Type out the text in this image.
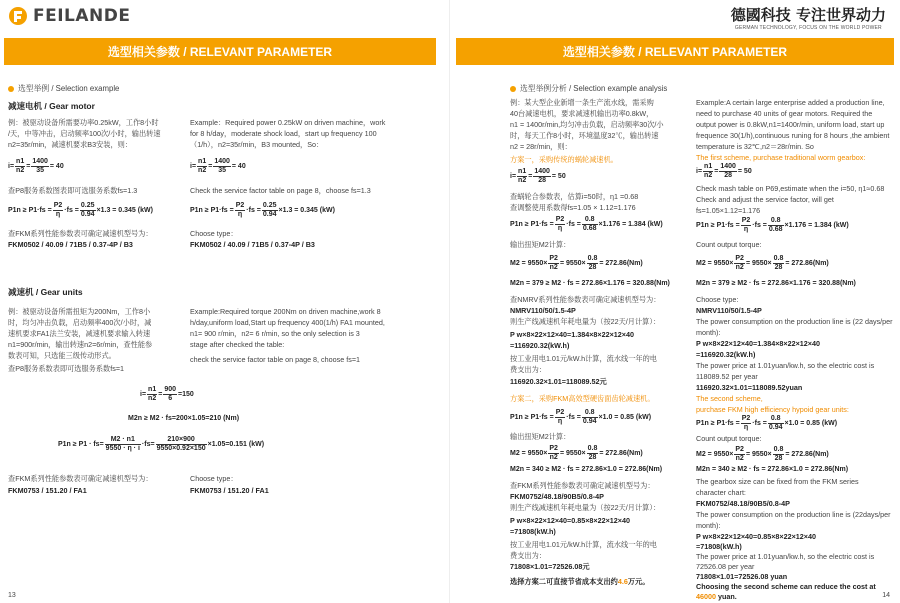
FEILANDE
选型相关参数 / RELEVANT PARAMETER
选型举例 / Selection example
减速电机 / Gear motor
例：被驱动设备所需要功率0.25kW，工作8小时
/天，中等冲击，启动频率100次/小时，输出转速
n2=35r/min，减速机要求B3安装，则：
Example：Required power 0.25kW on driven machine，work
for 8 h/day，moderate shock load，start up frequency 100
（1/h），n2=35r/min，B3 mounted，So：
$i= \frac{n1}{n2} = \frac{1400}{35} = 40$	$i= \frac{n1}{n2} = \frac{1400}{35} = 40$
查P8服务系数图表即可选服务系数fs=1.3	Check the service factor table on page 8，choose fs=1.3
$P1n \ge P1\cdot fs = \frac{P2}{\eta} \cdot fs = \frac{0.25}{0.94} \times 1.3 = 0.345$ (kW)	$P1n \ge P1\cdot fs = \frac{P2}{\eta} \cdot fs = \frac{0.25}{0.94} \times 1.3 = 0.345$ (kW)
查FKM系列性能参数表可确定减速机型号为：	Choose type：
FKM0502 / 40.09 / 71B5 / 0.37-4P / B3	FKM0502 / 40.09 / 71B5 / 0.37-4P / B3
减速机 / Gear units
例：被驱动设备所需扭矩为200Nm，工作8小
时，均匀冲击负载，启动频率400次/小时，减
速机要求FA1法兰安装，减速机要求输入转速
n1=900r/min，输出转速n2=6r/min，查性能参
数表可知，只选能三级传动形式。
查P8服务系数表即可选服务系数fs=1
Example:Required torque 200Nm on driven machine,work 8
h/day,uniform load,Start up frequency 400(1/h) FA1 mounted,
n1= 900 r/min，n2= 6 r/min, so the only selection is 3
stage after checked the table:
check the service factor table on page 8, choose fs=1
$i= \frac{n1}{n2} = \frac{900}{6} =150$
M2n ≥ M2 · fs=200×1.05=210 (Nm)
$P1n \ge P1 \cdot fs= \frac{M2 \cdot n1}{9550 \cdot \eta \cdot i} \cdot fs= \frac{210\times 900}{9550\times 0.92\times 150} \times 1.05=0.151$ (kW)
查FKM系列性能参数表可确定减速机型号为：	Choose type：
FKM0753 / 151.20 / FA1	FKM0753 / 151.20 / FA1
13
德國科技 专注世界动力
GERMAN TECHNOLOGY, FOCUS ON THE WORLD POWER
选型相关参数 / RELEVANT PARAMETER
选型举例分析 / Selection example analysis
例：某大型企业新增一条生产流水线，需采购
40台减速电机，要求减速机输出功率0.8kW，
n1 = 1400r/min,均匀冲击负载，启动频率30次/小
时，每天工作8小时，环境温度32℃，输出转速
n2 = 28r/min，则：
方案一，采购传统的蜗轮减速机。
$i= \frac{n1}{n2} = \frac{1400}{28} = 50$
查蜗轮合参数表，估算i=50时，η1 =0.68
查调整使用系数得fs=1.05 × 1.12=1.176
$P1n \ge P1\cdot fs = \frac{P2}{\eta} \cdot fs = \frac{0.8}{0.68} \times 1.176 = 1.384$ (kW)
输出扭矩M2计算：
$M2 = 9550\times \frac{P2}{n2} = 9550\times \frac{0.8}{28} = 272.86(Nm)$
M2n = 379 ≥ M2 · fs = 272.86×1.176 = 320.88(Nm)
查NMRV系列性能参数表可确定减速机型号为：
NMRV110/50/1.5-4P
则生产线减速机年耗电量为（按22天/月计算）：
P w×8×22×12×40=1.384×8×22×12×40
=116920.32(kW.h)
按工业用电1.01元/kW.h计算，流水线一年的电
费支出为：
116920.32×1.01=118089.52元
方案二，采购FKM高效型硬齿面齿轮减速机。
$P1n \ge P1\cdot fs = \frac{P2}{\eta} \cdot fs = \frac{0.8}{0.94} \times 1.0 = 0.85$ (kW)
输出扭矩M2计算：
$M2 = 9550\times \frac{P2}{n2} = 9550\times \frac{0.8}{28} = 272.86(Nm)$
M2n = 340 ≥ M2 · fs = 272.86×1.0 = 272.86(Nm)
查FKM系列性能参数表可确定减速机型号为：
FKM0752/48.18/90B5/0.8-4P
则生产线减速机年耗电量为（按22天/月计算）：
P w×8×22×12×40=0.85×8×22×12×40
=71808(kW.h)
按工业用电1.01元/kW.h计算，流水线一年的电
费支出为：
71808×1.01=72526.08元
选择方案二可直接节省成本支出约4.6万元。
Example:A certain large enterprise added a production line,
need to purchase 40 units of gear motors. Required the
output power is 0.8kW,n1=1400r/min, uniform load, start up
frequence 30(1/h),continuous runing for 8 hours ,the ambient
temperature is 32℃,n2＝28r/min. So
The first scheme, purchase traditional worm gearbox:
$i= \frac{n1}{n2} = \frac{1400}{28} = 50$
Check mash table on P69,estimate when the i=50, η1≈0.68
Check and adjust the service factor, will get
fs=1.05×1.12=1.176
$P1n \ge P1\cdot fs = \frac{P2}{\eta} \cdot fs = \frac{0.8}{0.68} \times 1.176 = 1.384$ (kW)
Count output torque:
$M2 = 9550\times \frac{P2}{n2} = 9550\times \frac{0.8}{28} = 272.86(Nm)$
M2n = 379 ≥ M2 · fs = 272.86×1.176 = 320.88(Nm)
Choose type:
NMRV110/50/1.5-4P
The power consumption on the production line is (22 days/per
month):
P w×8×22×12×40=1.384×8×22×12×40
=116920.32(kW.h)
The power price at 1.01yuan/kw.h, so the electric cost is
118089.52 per year
116920.32×1.01=118089.52yuan
The second scheme,
purchase FKM high efficiency hypoid gear units:
$P1n \ge P1\cdot fs = \frac{P2}{\eta} \cdot fs = \frac{0.8}{0.94} \times 1.0 = 0.85$ (kW)
Count output torque:
$M2 = 9550\times \frac{P2}{n2} = 9550\times \frac{0.8}{28} = 272.86(Nm)$
M2n = 340 ≥ M2 · fs = 272.86×1.0 = 272.86(Nm)
The gearbox size can be fixed from the FKM series
character chart:
FKM0752/48.18/90B5/0.8-4P
The power consumption on the production line is (22days/per
month):
P w×8×22×12×40=0.85×8×22×12×40
=71808(kW.h)
The power price at 1.01yuan/kw.h, so the electric cost is
72526.08 per year
71808×1.01=72526.08 yuan
Choosing the second scheme can reduce the cost at
46000 yuan.	14
